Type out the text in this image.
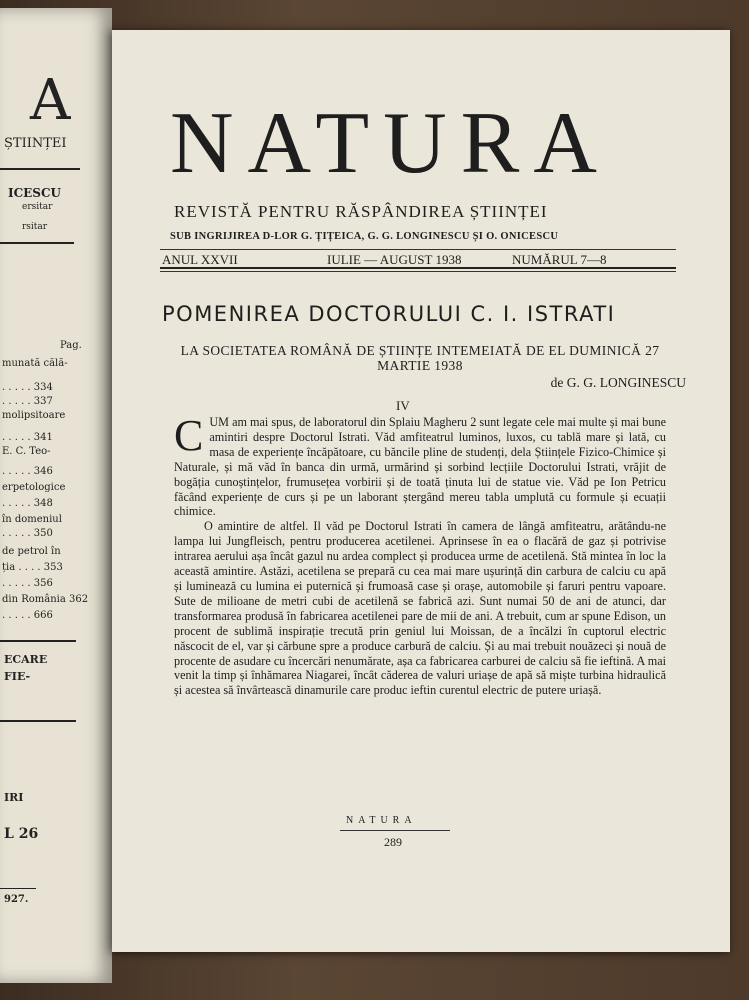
A
ȘTIINȚEI
ICESCU
ersitar
rsitar
Pag.
munată călă-
. . . . . 334
. . . . . 337
molipsitoare
. . . . . 341
E. C. Teo-
. . . . . 346
erpetologice
. . . . . 348
în domeniul
. . . . . 350
de petrol în
ția . . . . 353
. . . . . 356
din România 362
. . . . . 666
ECARE
FIE-
IRI
L 26
927.
NATURA
REVISTĂ PENTRU RĂSPÂNDIREA ȘTIINȚEI
SUB INGRIJIREA D-LOR G. ȚIȚEICA, G. G. LONGINESCU ȘI O. ONICESCU
ANUL XXVII	IULIE — AUGUST 1938	NUMĂRUL 7—8
POMENIREA DOCTORULUI C. I. ISTRATI
LA SOCIETATEA ROMÂNĂ DE ȘTIINȚE INTEMEIATĂ DE EL DUMINICĂ 27 MARTIE 1938
de G. G. LONGINESCU
IV

CUM am mai spus, de laboratorul din Splaiu Magheru 2 sunt legate cele mai multe și mai bune amintiri despre Doctorul Istrati. Văd amfiteatrul luminos, luxos, cu tablă mare și lată, cu masa de experiențe încăpătoare, cu băncile pline de studenți, dela Științele Fizico-Chimice și Naturale, și mă văd în banca din urmă, urmărind și sorbind lecțiile Doctorului Istrati, vrăjit de bogăția cunoștințelor, frumusețea vorbirii și de toată ținuta lui de statue vie. Văd pe Ion Petricu făcând experiențe de curs și pe un laborant ștergând mereu tabla umplută cu formule și ecuații chimice.

O amintire de altfel. Il văd pe Doctorul Istrati în camera de lângă amfiteatru, arătându-ne lampa lui Jungfleisch, pentru producerea acetilenei. Aprinsese în ea o flacără de gaz și potrivise intrarea aerului așa încât gazul nu ardea complect și producea urme de acetilenă. Stă mintea în loc la aceastã amintire. Astăzi, acetilena se prepară cu cea mai mare ușurință din carbura de calciu cu apă și luminează cu lumina ei puternică și frumoasă case și orașe, automobile și faruri pentru vapoare. Sute de milioane de metri cubi de acetilenă se fabrică azi. Sunt numai 50 de ani de atunci, dar transformarea produsă în fabricarea acetilenei pare de mii de ani. A trebuit, cum ar spune Edison, un procent de sublimă inspirație trecută prin geniul lui Moissan, de a încălzi în cuptorul electric născocit de el, var și cărbune spre a produce carbură de calciu. Și au mai trebuit nouăzeci și nouă de procente de asudare cu încercări nenumărate, așa ca fabricarea carburei de calciu să fie ieftină. A mai venit la timp și înhămarea Niagarei, încât căderea de valuri uriașe de apă să miște turbina hidraulică și acestea să învârtească dinamurile care produc ieftin curentul electric de putere uriașă.

NATURA
289
